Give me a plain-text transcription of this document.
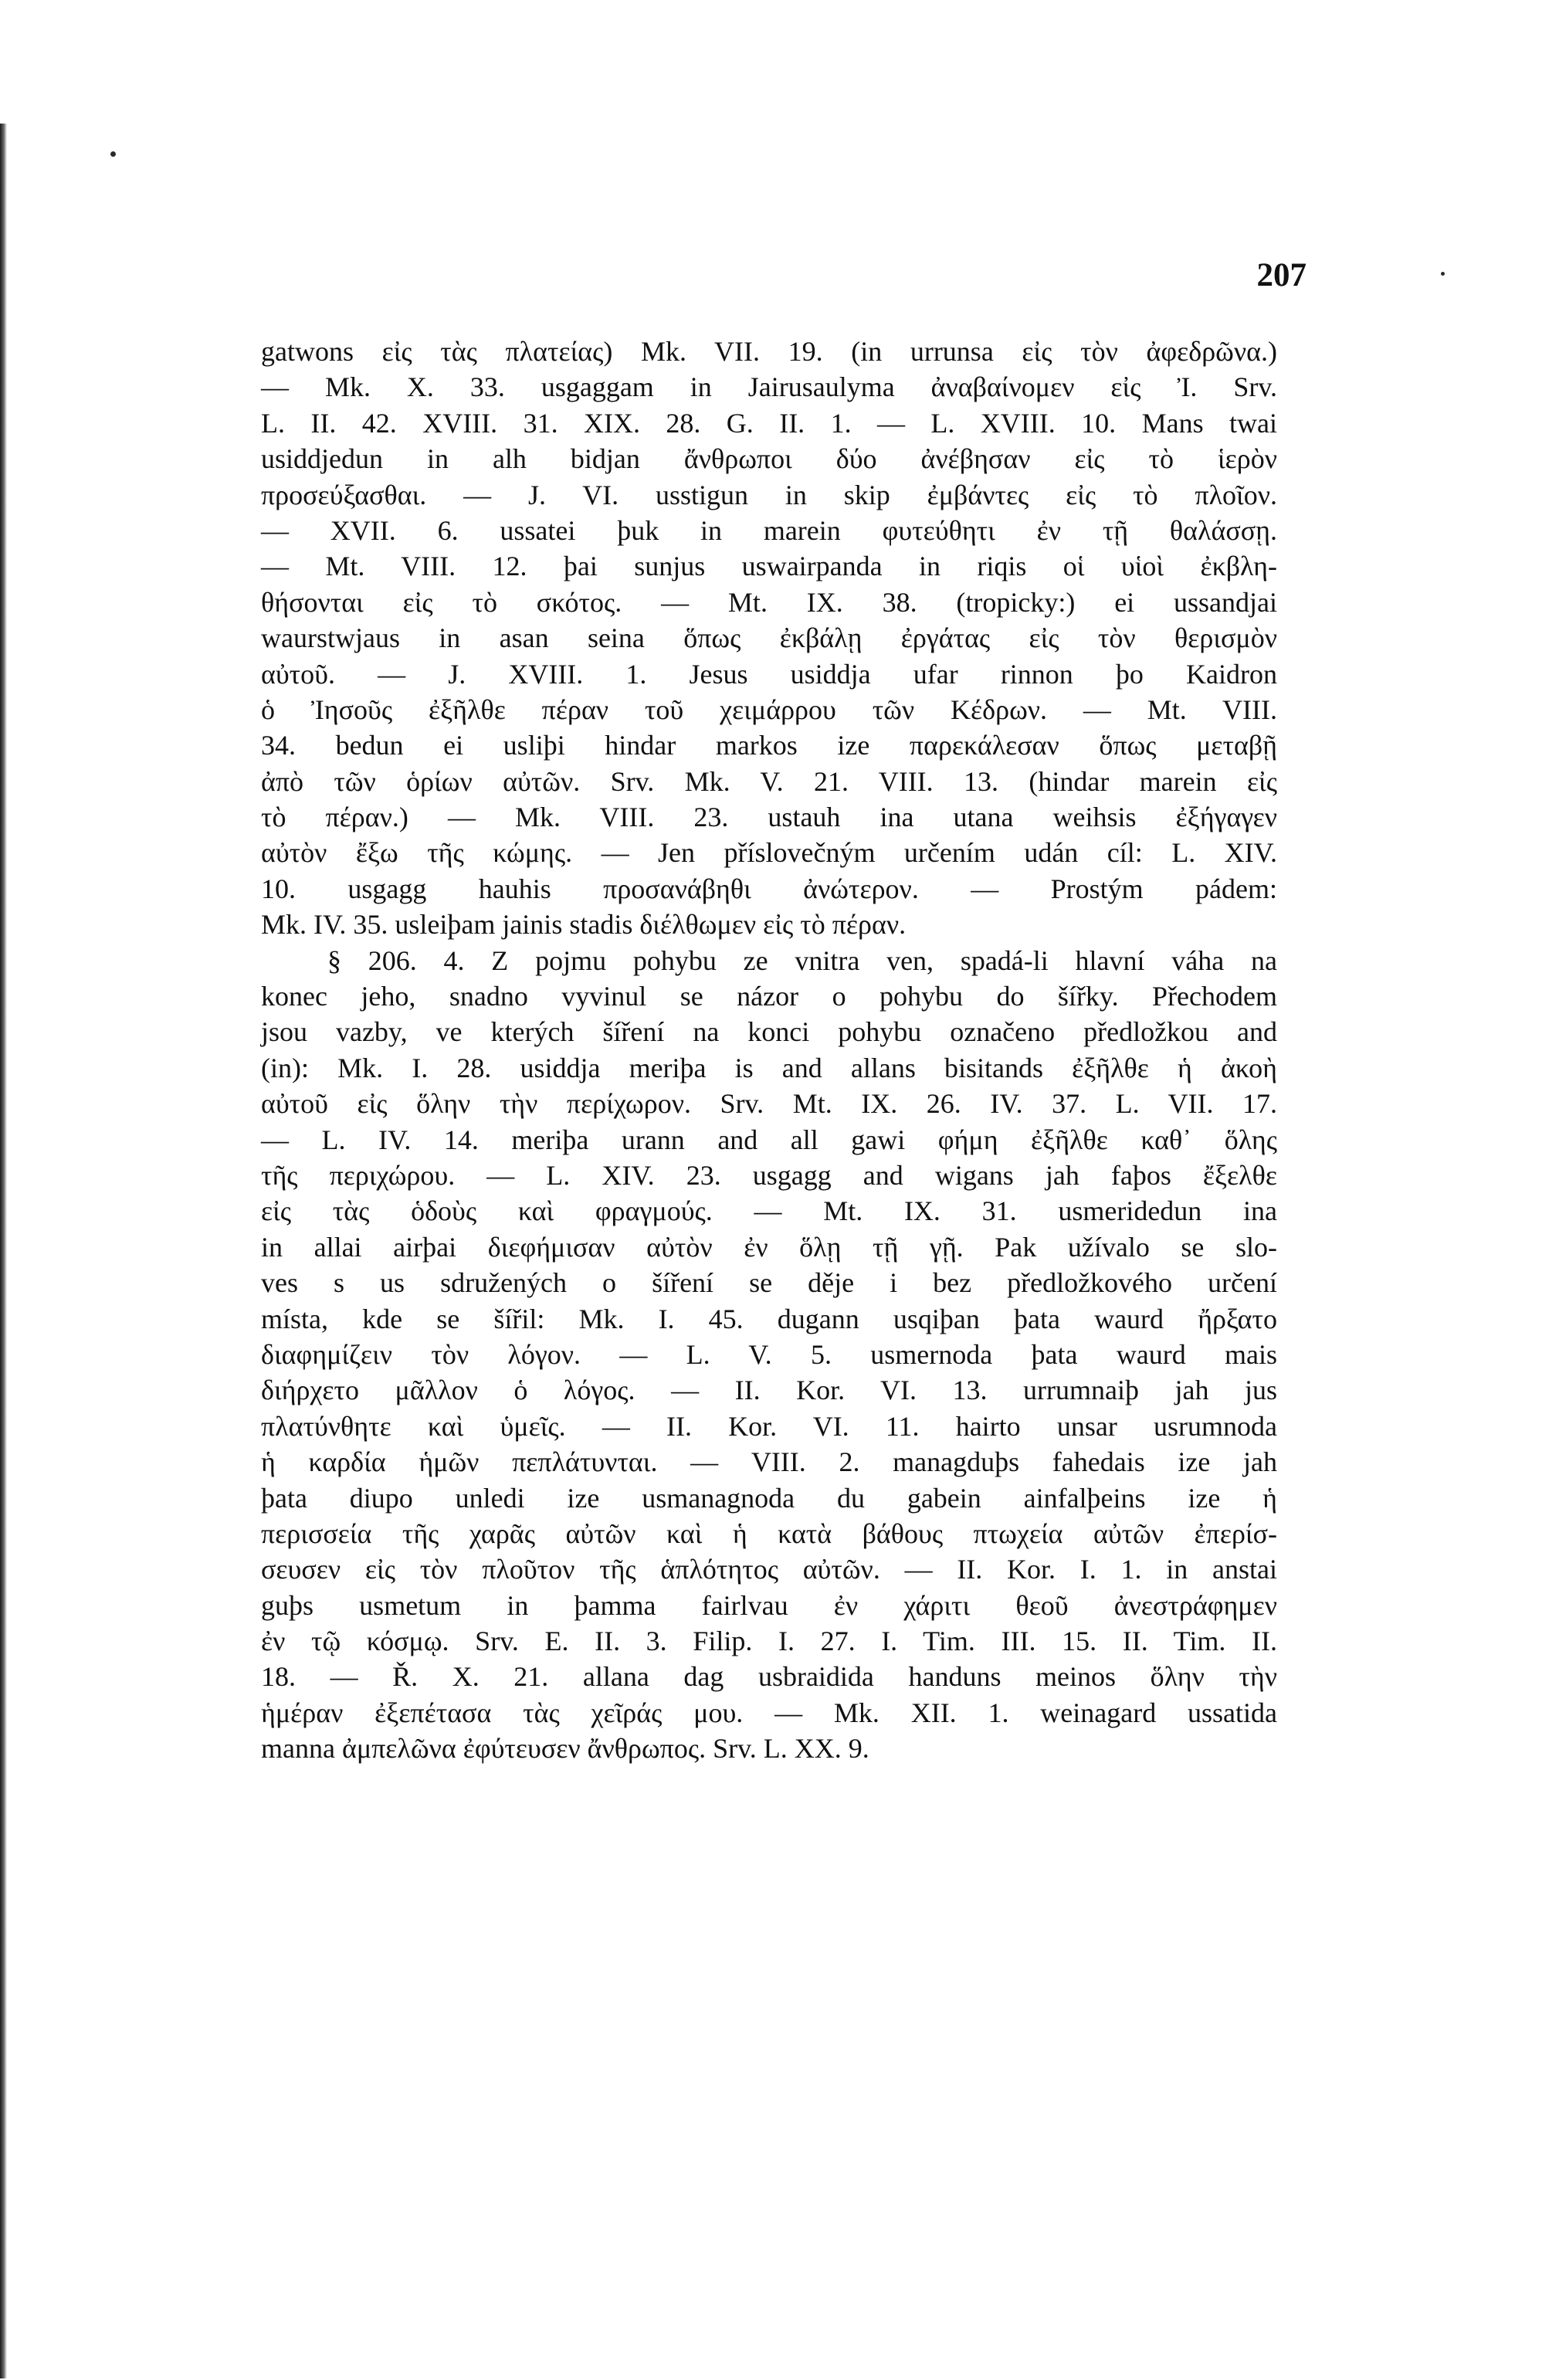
207
gatwons εἰς τὰς πλατείας) Mk. VII. 19. (in urrunsa εἰς τὸν ἀφεδρῶνα.)
— Mk. X. 33. usgaggam in Jairusaulyma ἀναβαίνομεν εἰς Ἰ. Srv.
L. II. 42. XVIII. 31. XIX. 28. G. II. 1. — L. XVIII. 10. Mans twai
usiddjedun in alh bidjan ἄνθρωποι δύο ἀνέβησαν εἰς τὸ ἱερὸν
προσεύξασθαι. — J. VI. usstigun in skip ἐμβάντες εἰς τὸ πλοῖον.
— XVII. 6. ussatei þuk in marein φυτεύθητι ἐν τῇ θαλάσσῃ.
— Mt. VIII. 12. þai sunjus uswairpanda in riqis οἱ υἱοὶ ἐκβλη-
θήσονται εἰς τὸ σκότος. — Mt. IX. 38. (tropicky:) ei ussandjai
waurstwjaus in asan seina ὅπως ἐκβάλῃ ἐργάτας εἰς τὸν θερισμὸν
αὐτοῦ. — J. XVIII. 1. Jesus usiddja ufar rinnon þo Kaidron
ὁ Ἰησοῦς ἐξῆλθε πέραν τοῦ χειμάρρου τῶν Κέδρων. — Mt. VIII.
34. bedun ei usliþi hindar markos ize παρεκάλεσαν ὅπως μεταβῇ
ἀπὸ τῶν ὁρίων αὐτῶν. Srv. Mk. V. 21. VIII. 13. (hindar marein εἰς
τὸ πέραν.) — Mk. VIII. 23. ustauh ina utana weihsis ἐξήγαγεν
αὐτὸν ἔξω τῆς κώμης. — Jen příslovečným určením udán cíl: L. XIV.
10. usgagg hauhis προσανάβηθι ἀνώτερον. — Prostým pádem:
Mk. IV. 35. usleiþam jainis stadis διέλθωμεν εἰς τὸ πέραν.
§ 206. 4. Z pojmu pohybu ze vnitra ven, spadá-li hlavní váha na
konec jeho, snadno vyvinul se názor o pohybu do šířky. Přechodem
jsou vazby, ve kterých šíření na konci pohybu označeno předložkou and
(in): Mk. I. 28. usiddja meriþa is and allans bisitands ἐξῆλθε ἡ ἀκοὴ
αὐτοῦ εἰς ὅλην τὴν περίχωρον. Srv. Mt. IX. 26. IV. 37. L. VII. 17.
— L. IV. 14. meriþa urann and all gawi φήμη ἐξῆλθε καθ᾽ ὅλης
τῆς περιχώρου. — L. XIV. 23. usgagg and wigans jah faþos ἔξελθε
εἰς τὰς ὁδοὺς καὶ φραγμούς. — Mt. IX. 31. usmeridedun ina
in allai airþai διεφήμισαν αὐτὸν ἐν ὅλῃ τῇ γῇ. Pak užívalo se slo-
ves s us sdružených o šíření se děje i bez předložkového určení
místa, kde se šířil: Mk. I. 45. dugann usqiþan þata waurd ἤρξατο
διαφημίζειν τὸν λόγον. — L. V. 5. usmernoda þata waurd mais
διήρχετο μᾶλλον ὁ λόγος. — II. Kor. VI. 13. urrumnaiþ jah jus
πλατύνθητε καὶ ὑμεῖς. — II. Kor. VI. 11. hairto unsar usrumnoda
ἡ καρδία ἡμῶν πεπλάτυνται. — VIII. 2. managduþs fahedais ize jah
þata diupo unledi ize usmanagnoda du gabein ainfalþeins ize ἡ
περισσεία τῆς χαρᾶς αὐτῶν καὶ ἡ κατὰ βάθους πτωχεία αὐτῶν ἐπερίσ-
σευσεν εἰς τὸν πλοῦτον τῆς ἁπλότητος αὐτῶν. — II. Kor. I. 1. in anstai
guþs usmetum in þamma fairlvau ἐν χάριτι θεοῦ ἀνεστράφημεν
ἐν τῷ κόσμῳ. Srv. E. II. 3. Filip. I. 27. I. Tim. III. 15. II. Tim. II.
18. — Ř. X. 21. allana dag usbraidida handuns meinos ὅλην τὴν
ἡμέραν ἐξεπέτασα τὰς χεῖράς μου. — Mk. XII. 1. weinagard ussatida
manna ἀμπελῶνα ἐφύτευσεν ἄνθρωπος. Srv. L. XX. 9.
